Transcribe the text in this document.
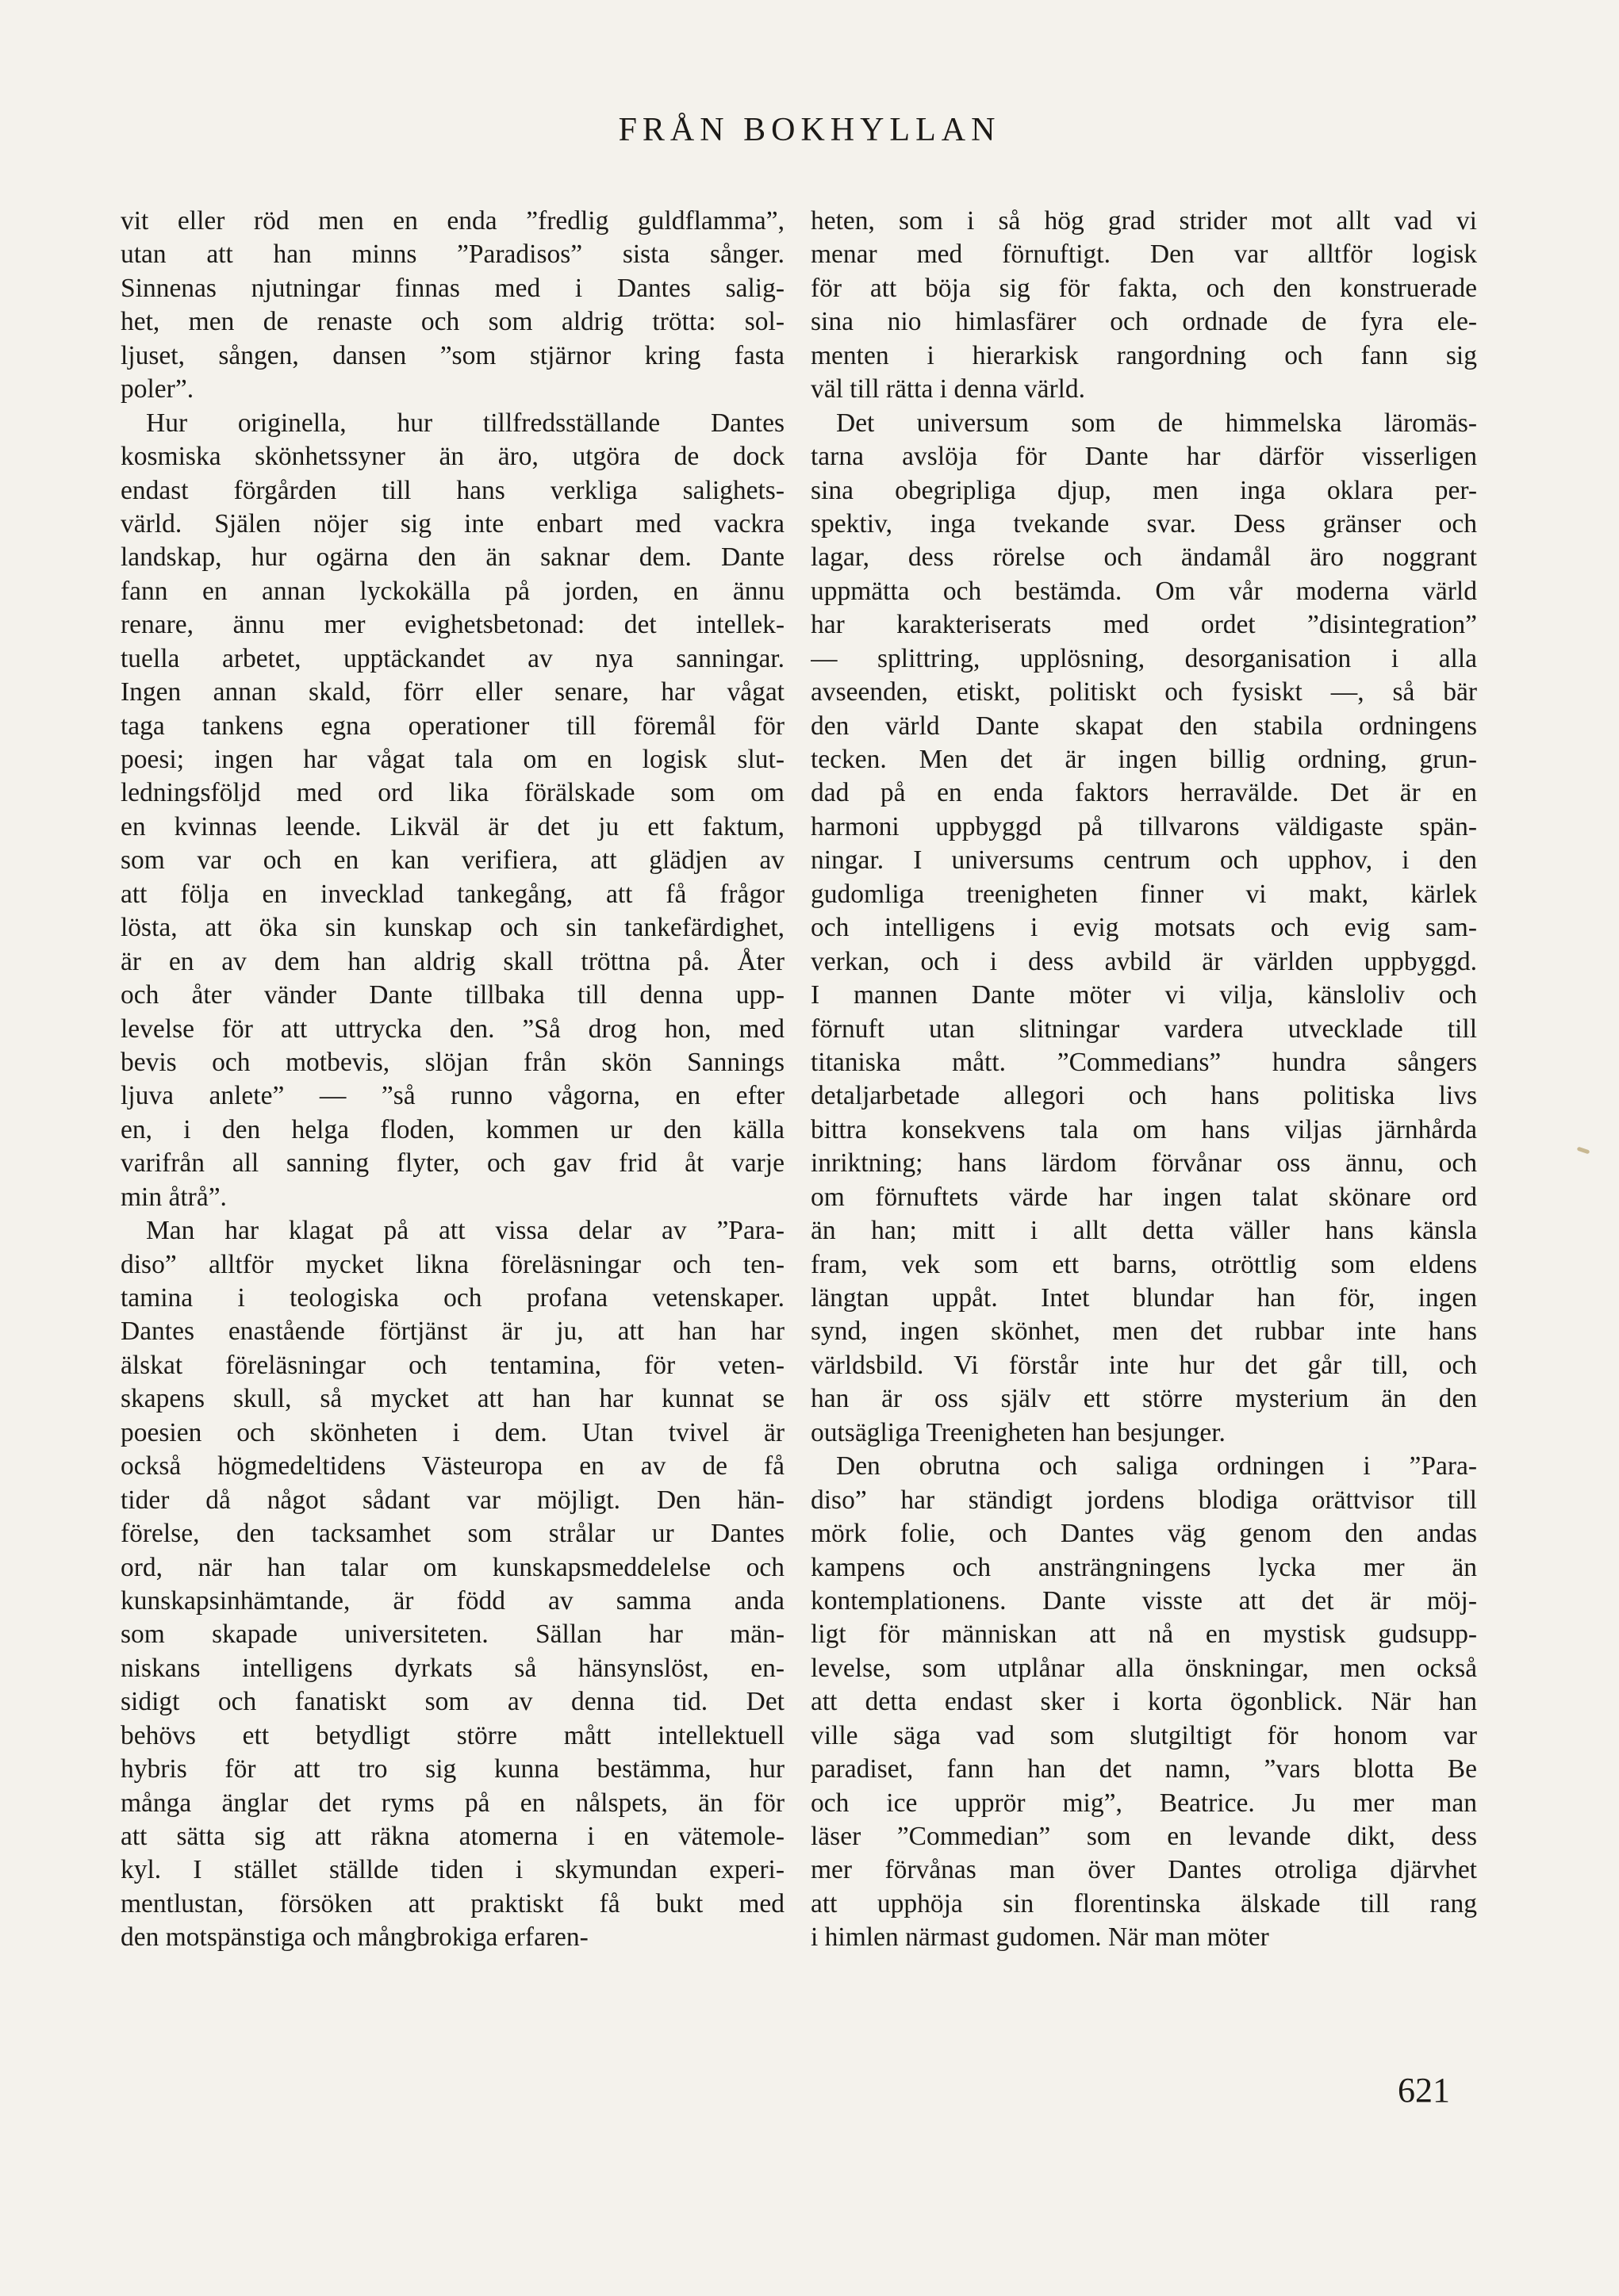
FRÅN BOKHYLLAN
vit eller röd men en enda ”fredlig guldflamma”,
utan att han minns ”Paradisos” sista sånger.
Sinnenas njutningar finnas med i Dantes salig-
het, men de renaste och som aldrig trötta: sol-
ljuset, sången, dansen ”som stjärnor kring fasta
poler”.
Hur originella, hur tillfredsställande Dantes
kosmiska skönhetssyner än äro, utgöra de dock
endast förgården till hans verkliga salighets-
värld. Själen nöjer sig inte enbart med vackra
landskap, hur ogärna den än saknar dem. Dante
fann en annan lyckokälla på jorden, en ännu
renare, ännu mer evighetsbetonad: det intellek-
tuella arbetet, upptäckandet av nya sanningar.
Ingen annan skald, förr eller senare, har vågat
taga tankens egna operationer till föremål för
poesi; ingen har vågat tala om en logisk slut-
ledningsföljd med ord lika förälskade som om
en kvinnas leende. Likväl är det ju ett faktum,
som var och en kan verifiera, att glädjen av
att följa en invecklad tankegång, att få frågor
lösta, att öka sin kunskap och sin tankefärdighet,
är en av dem han aldrig skall tröttna på. Åter
och åter vänder Dante tillbaka till denna upp-
levelse för att uttrycka den. ”Så drog hon, med
bevis och motbevis, slöjan från skön Sannings
ljuva anlete” — ”så runno vågorna, en efter
en, i den helga floden, kommen ur den källa
varifrån all sanning flyter, och gav frid åt varje
min åtrå”.
Man har klagat på att vissa delar av ”Para-
diso” alltför mycket likna föreläsningar och ten-
tamina i teologiska och profana vetenskaper.
Dantes enastående förtjänst är ju, att han har
älskat föreläsningar och tentamina, för veten-
skapens skull, så mycket att han har kunnat se
poesien och skönheten i dem. Utan tvivel är
också högmedeltidens Västeuropa en av de få
tider då något sådant var möjligt. Den hän-
förelse, den tacksamhet som strålar ur Dantes
ord, när han talar om kunskapsmeddelelse och
kunskapsinhämtande, är född av samma anda
som skapade universiteten. Sällan har män-
niskans intelligens dyrkats så hänsynslöst, en-
sidigt och fanatiskt som av denna tid. Det
behövs ett betydligt större mått intellektuell
hybris för att tro sig kunna bestämma, hur
många änglar det ryms på en nålspets, än för
att sätta sig att räkna atomerna i en vätemole-
kyl. I stället ställde tiden i skymundan experi-
mentlustan, försöken att praktiskt få bukt med
den motspänstiga och mångbrokiga erfaren-
heten, som i så hög grad strider mot allt vad vi
menar med förnuftigt. Den var alltför logisk
för att böja sig för fakta, och den konstruerade
sina nio himlasfärer och ordnade de fyra ele-
menten i hierarkisk rangordning och fann sig
väl till rätta i denna värld.
Det universum som de himmelska läromäs-
tarna avslöja för Dante har därför visserligen
sina obegripliga djup, men inga oklara per-
spektiv, inga tvekande svar. Dess gränser och
lagar, dess rörelse och ändamål äro noggrant
uppmätta och bestämda. Om vår moderna värld
har karakteriserats med ordet ”disintegration”
— splittring, upplösning, desorganisation i alla
avseenden, etiskt, politiskt och fysiskt —, så bär
den värld Dante skapat den stabila ordningens
tecken. Men det är ingen billig ordning, grun-
dad på en enda faktors herravälde. Det är en
harmoni uppbyggd på tillvarons väldigaste spän-
ningar. I universums centrum och upphov, i den
gudomliga treenigheten finner vi makt, kärlek
och intelligens i evig motsats och evig sam-
verkan, och i dess avbild är världen uppbyggd.
I mannen Dante möter vi vilja, känsloliv och
förnuft utan slitningar vardera utvecklade till
titaniska mått. ”Commedians” hundra sångers
detaljarbetade allegori och hans politiska livs
bittra konsekvens tala om hans viljas järnhårda
inriktning; hans lärdom förvånar oss ännu, och
om förnuftets värde har ingen talat skönare ord
än han; mitt i allt detta väller hans känsla
fram, vek som ett barns, otröttlig som eldens
längtan uppåt. Intet blundar han för, ingen
synd, ingen skönhet, men det rubbar inte hans
världsbild. Vi förstår inte hur det går till, och
han är oss själv ett större mysterium än den
outsägliga Treenigheten han besjunger.
Den obrutna och saliga ordningen i ”Para-
diso” har ständigt jordens blodiga orättvisor till
mörk folie, och Dantes väg genom den andas
kampens och ansträngningens lycka mer än
kontemplationens. Dante visste att det är möj-
ligt för människan att nå en mystisk gudsupp-
levelse, som utplånar alla önskningar, men också
att detta endast sker i korta ögonblick. När han
ville säga vad som slutgiltigt för honom var
paradiset, fann han det namn, ”vars blotta Be
och ice upprör mig”, Beatrice. Ju mer man
läser ”Commedian” som en levande dikt, dess
mer förvånas man över Dantes otroliga djärvhet
att upphöja sin florentinska älskade till rang
i himlen närmast gudomen. När man möter
621
